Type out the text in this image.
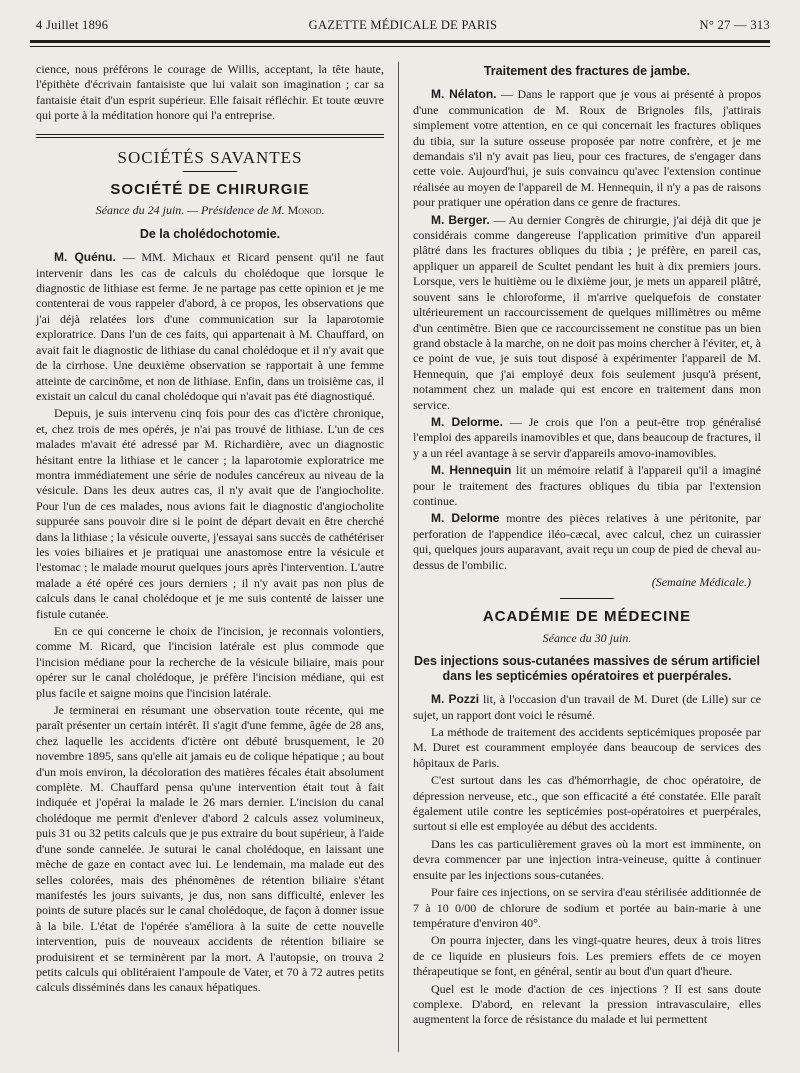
4 Juillet 1896	GAZETTE MÉDICALE DE PARIS	N° 27 — 313

cience, nous préférons le courage de Willis, acceptant, la tête haute, l'épithète d'écrivain fantaisiste que lui valait son imagination ; car sa fantaisie était d'un esprit supérieur. Elle faisait réfléchir. Et toute œuvre qui porte à la méditation honore qui l'a entreprise.

SOCIÉTÉS SAVANTES
SOCIÉTÉ DE CHIRURGIE
Séance du 24 juin. — Présidence de M. Monod.
De la cholédochotomie.

M. Quénu. — MM. Michaux et Ricard pensent qu'il ne faut intervenir dans les cas de calculs du cholédoque que lorsque le diagnostic de lithiase est ferme. Je ne partage pas cette opinion et je me contenterai de vous rappeler d'abord, à ce propos, les observations que j'ai déjà relatées lors d'une communication sur la laparotomie exploratrice. Dans l'un de ces faits, qui appartenait à M. Chauffard, on avait fait le diagnostic de lithiase du canal cholédoque et il n'y avait que de la cirrhose. Une deuxième observation se rapportait à une femme atteinte de carcinôme, et non de lithiase. Enfin, dans un troisième cas, il existait un calcul du canal cholédoque qui n'avait pas été diagnostiqué.

Depuis, je suis intervenu cinq fois pour des cas d'ictère chronique, et, chez trois de mes opérés, je n'ai pas trouvé de lithiase. L'un de ces malades m'avait été adressé par M. Richardière, avec un diagnostic hésitant entre la lithiase et le cancer ; la laparotomie exploratrice me montra immédiatement une série de nodules cancéreux au niveau de la vésicule. Dans les deux autres cas, il n'y avait que de l'angiocholite. Pour l'un de ces malades, nous avions fait le diagnostic d'angiocholite suppurée sans pouvoir dire si le point de départ devait en être cherché dans la lithiase ; la vésicule ouverte, j'essayai sans succès de cathétériser les voies biliaires et je pratiquai une anastomose entre la vésicule et l'estomac ; le malade mourut quelques jours après l'intervention. L'autre malade a été opéré ces jours derniers ; il n'y avait pas non plus de calculs dans le canal cholédoque et je me suis contenté de laisser une fistule cutanée.

En ce qui concerne le choix de l'incision, je reconnais volontiers, comme M. Ricard, que l'incision latérale est plus commode que l'incision médiane pour la recherche de la vésicule biliaire, mais pour opérer sur le canal cholédoque, je préfère l'incision médiane, qui est plus facile et saigne moins que l'incision latérale.

Je terminerai en résumant une observation toute récente, qui me paraît présenter un certain intérêt. Il s'agit d'une femme, âgée de 28 ans, chez laquelle les accidents d'ictère ont débuté brusquement, le 20 novembre 1895, sans qu'elle ait jamais eu de colique hépatique ; au bout d'un mois environ, la décoloration des matières fécales était absolument complète. M. Chauffard pensa qu'une intervention était tout à fait indiquée et j'opérai la malade le 26 mars dernier. L'incision du canal cholédoque me permit d'enlever d'abord 2 calculs assez volumineux, puis 31 ou 32 petits calculs que je pus extraire du bout supérieur, à l'aide d'une sonde cannelée. Je suturai le canal cholédoque, en laissant une mèche de gaze en contact avec lui. Le lendemain, ma malade eut des selles colorées, mais des phénomènes de rétention biliaire s'étant manifestés les jours suivants, je dus, non sans difficulté, enlever les points de suture placés sur le canal cholédoque, de façon à donner issue à la bile. L'état de l'opérée s'améliora à la suite de cette nouvelle intervention, puis de nouveaux accidents de rétention biliaire se produisirent et se terminèrent par la mort. A l'autopsie, on trouva 2 petits calculs qui oblitéraient l'ampoule de Vater, et 70 à 72 autres petits calculs disséminés dans les canaux hépatiques.

Traitement des fractures de jambe.

M. Nélaton. — Dans le rapport que je vous ai présenté à propos d'une communication de M. Roux de Brignoles fils, j'attirais simplement votre attention, en ce qui concernait les fractures obliques du tibia, sur la suture osseuse proposée par notre confrère, et je me demandais s'il n'y avait pas lieu, pour ces fractures, de s'engager dans cette voie. Aujourd'hui, je suis convaincu qu'avec l'extension continue réalisée au moyen de l'appareil de M. Hennequin, il n'y a pas de raisons pour pratiquer une opération dans ce genre de fractures.

M. Berger. — Au dernier Congrès de chirurgie, j'ai déjà dit que je considérais comme dangereuse l'application primitive d'un appareil plâtré dans les fractures obliques du tibia ; je préfère, en pareil cas, appliquer un appareil de Scultet pendant les huit à dix premiers jours. Lorsque, vers le huitième ou le dixième jour, je mets un appareil plâtré, souvent sans le chloroforme, il m'arrive quelquefois de constater ultérieurement un raccourcissement de quelques millimètres ou même d'un centimètre. Bien que ce raccourcissement ne constitue pas un bien grand obstacle à la marche, on ne doit pas moins chercher à l'éviter, et, à ce point de vue, je suis tout disposé à expérimenter l'appareil de M. Hennequin, que j'ai employé deux fois seulement jusqu'à présent, notamment chez un malade qui est encore en traitement dans mon service.

M. Delorme. — Je crois que l'on a peut-être trop généralisé l'emploi des appareils inamovibles et que, dans beaucoup de fractures, il y a un réel avantage à se servir d'appareils amovo-inamovibles.

M. Hennequin lit un mémoire relatif à l'appareil qu'il a imaginé pour le traitement des fractures obliques du tibia par l'extension continue.

M. Delorme montre des pièces relatives à une péritonite, par perforation de l'appendice iléo-cæcal, avec calcul, chez un cuirassier qui, quelques jours auparavant, avait reçu un coup de pied de cheval au-dessus de l'ombilic.

(Semaine Médicale.)
ACADÉMIE DE MÉDECINE
Séance du 30 juin.
Des injections sous-cutanées massives de sérum artificiel dans les septicémies opératoires et puerpérales.

M. Pozzi lit, à l'occasion d'un travail de M. Duret (de Lille) sur ce sujet, un rapport dont voici le résumé.

La méthode de traitement des accidents septicémiques proposée par M. Duret est couramment employée dans beaucoup de services des hôpitaux de Paris.

C'est surtout dans les cas d'hémorrhagie, de choc opératoire, de dépression nerveuse, etc., que son efficacité a été constatée. Elle paraît également utile contre les septicémies post-opératoires et puerpérales, surtout si elle est employée au début des accidents.

Dans les cas particulièrement graves où la mort est imminente, on devra commencer par une injection intra-veineuse, quitte à continuer ensuite par les injections sous-cutanées.

Pour faire ces injections, on se servira d'eau stérilisée additionnée de 7 à 10 0/00 de chlorure de sodium et portée au bain-marie à une température d'environ 40°.

On pourra injecter, dans les vingt-quatre heures, deux à trois litres de ce liquide en plusieurs fois. Les premiers effets de ce moyen thérapeutique se font, en général, sentir au bout d'un quart d'heure.

Quel est le mode d'action de ces injections ? Il est sans doute complexe. D'abord, en relevant la pression intravasculaire, elles augmentent la force de résistance du malade et lui permettent
